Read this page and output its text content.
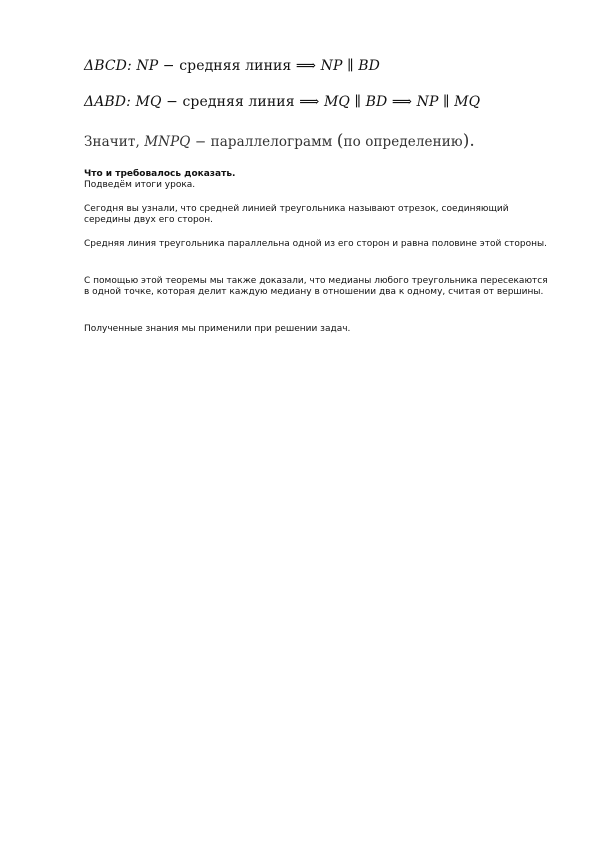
ΔBCD: NP − средняя линия ⟹ NP ∥ BD
ΔABD: MQ − средняя линия ⟹ MQ ∥ BD ⟹ NP ∥ MQ
Значит, MNPQ − параллелограмм (по определению).
Что и требовалось доказать.
Подведём итоги урока.
Сегодня вы узнали, что средней линией треугольника называют отрезок, соединяющий середины двух его сторон.
Средняя линия треугольника параллельна одной из его сторон и равна половине этой стороны.
С помощью этой теоремы мы также доказали, что медианы любого треугольника пересекаются в одной точке, которая делит каждую медиану в отношении два к одному, считая от вершины.
Полученные знания мы применили при решении задач.
